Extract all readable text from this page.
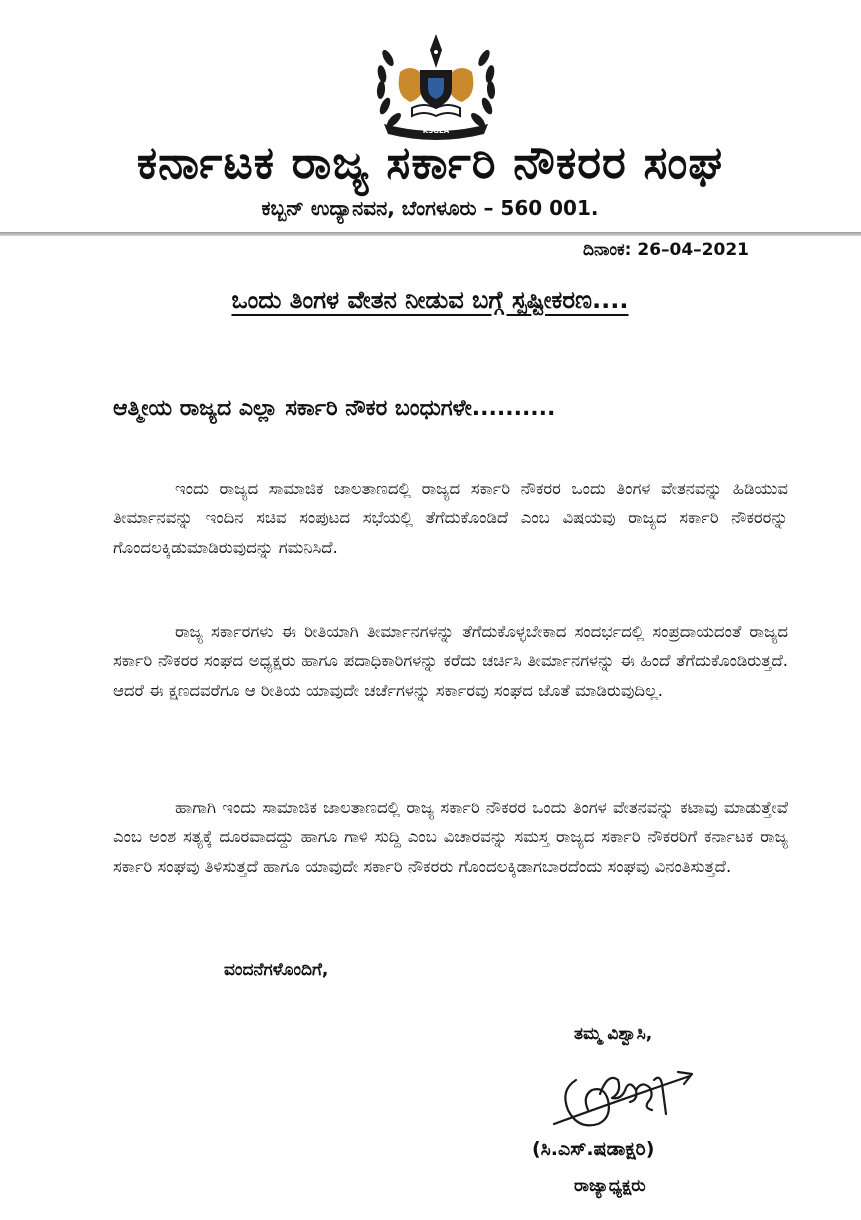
KSGEA
ಕರ್ನಾಟಕ ರಾಜ್ಯ ಸರ್ಕಾರಿ ನೌಕರರ ಸಂಘ
ಕಬ್ಬನ್ ಉದ್ಯಾನವನ, ಬೆಂಗಳೂರು – 560 001.
ದಿನಾಂಕ: 26–04–2021
ಒಂದು ತಿಂಗಳ ವೇತನ ನೀಡುವ ಬಗ್ಗೆ ಸ್ಪಷ್ಟೀಕರಣ....
ಆತ್ಮೀಯ ರಾಜ್ಯದ ಎಲ್ಲಾ ಸರ್ಕಾರಿ ನೌಕರ ಬಂಧುಗಳೇ..........

ಇಂದು ರಾಜ್ಯದ ಸಾಮಾಜಿಕ ಜಾಲತಾಣದಲ್ಲಿ ರಾಜ್ಯದ ಸರ್ಕಾರಿ ನೌಕರರ ಒಂದು ತಿಂಗಳ ವೇತನವನ್ನು ಹಿಡಿಯುವ ತೀರ್ಮಾನವನ್ನು ಇಂದಿನ ಸಚಿವ ಸಂಪುಟದ ಸಭೆಯಲ್ಲಿ ತೆಗೆದುಕೊಂಡಿದೆ ಎಂಬ ವಿಷಯವು ರಾಜ್ಯದ ಸರ್ಕಾರಿ ನೌಕರರನ್ನು ಗೊಂದಲಕ್ಕಿಡುಮಾಡಿರುವುದನ್ನು ಗಮನಿಸಿದೆ.

ರಾಜ್ಯ ಸರ್ಕಾರಗಳು ಈ ರೀತಿಯಾಗಿ ತೀರ್ಮಾನಗಳನ್ನು ತೆಗೆದುಕೊಳ್ಳಬೇಕಾದ ಸಂದರ್ಭದಲ್ಲಿ ಸಂಪ್ರದಾಯದಂತೆ ರಾಜ್ಯದ ಸರ್ಕಾರಿ ನೌಕರರ ಸಂಘದ ಅಧ್ಯಕ್ಷರು ಹಾಗೂ ಪದಾಧಿಕಾರಿಗಳನ್ನು ಕರೆದು ಚರ್ಚಿಸಿ ತೀರ್ಮಾನಗಳನ್ನು ಈ ಹಿಂದೆ ತೆಗೆದುಕೊಂಡಿರುತ್ತದೆ. ಆದರೆ ಈ ಕ್ಷಣದವರೆಗೂ ಆ ರೀತಿಯ ಯಾವುದೇ ಚರ್ಚೆಗಳನ್ನು ಸರ್ಕಾರವು ಸಂಘದ ಜೊತೆ ಮಾಡಿರುವುದಿಲ್ಲ.

ಹಾಗಾಗಿ ಇಂದು ಸಾಮಾಜಿಕ ಜಾಲತಾಣದಲ್ಲಿ ರಾಜ್ಯ ಸರ್ಕಾರಿ ನೌಕರರ ಒಂದು ತಿಂಗಳ ವೇತನವನ್ನು ಕಟಾವು ಮಾಡುತ್ತೇವೆ ಎಂಬ ಅಂಶ ಸತ್ಯಕ್ಕೆ ದೂರವಾದದ್ದು ಹಾಗೂ ಗಾಳಿ ಸುದ್ದಿ ಎಂಬ ವಿಚಾರವನ್ನು ಸಮಸ್ತ ರಾಜ್ಯದ ಸರ್ಕಾರಿ ನೌಕರರಿಗೆ ಕರ್ನಾಟಕ ರಾಜ್ಯ ಸರ್ಕಾರಿ ಸಂಘವು ತಿಳಿಸುತ್ತದೆ ಹಾಗೂ ಯಾವುದೇ ಸರ್ಕಾರಿ ನೌಕರರು ಗೊಂದಲಕ್ಕಿಡಾಗಬಾರದೆಂದು ಸಂಘವು ವಿನಂತಿಸುತ್ತದೆ.

ವಂದನೆಗಳೊಂದಿಗೆ,
ತಮ್ಮ ವಿಶ್ವಾಸಿ,
(ಸಿ.ಎಸ್.ಷಡಾಕ್ಷರಿ)
ರಾಜ್ಯಾಧ್ಯಕ್ಷರು
